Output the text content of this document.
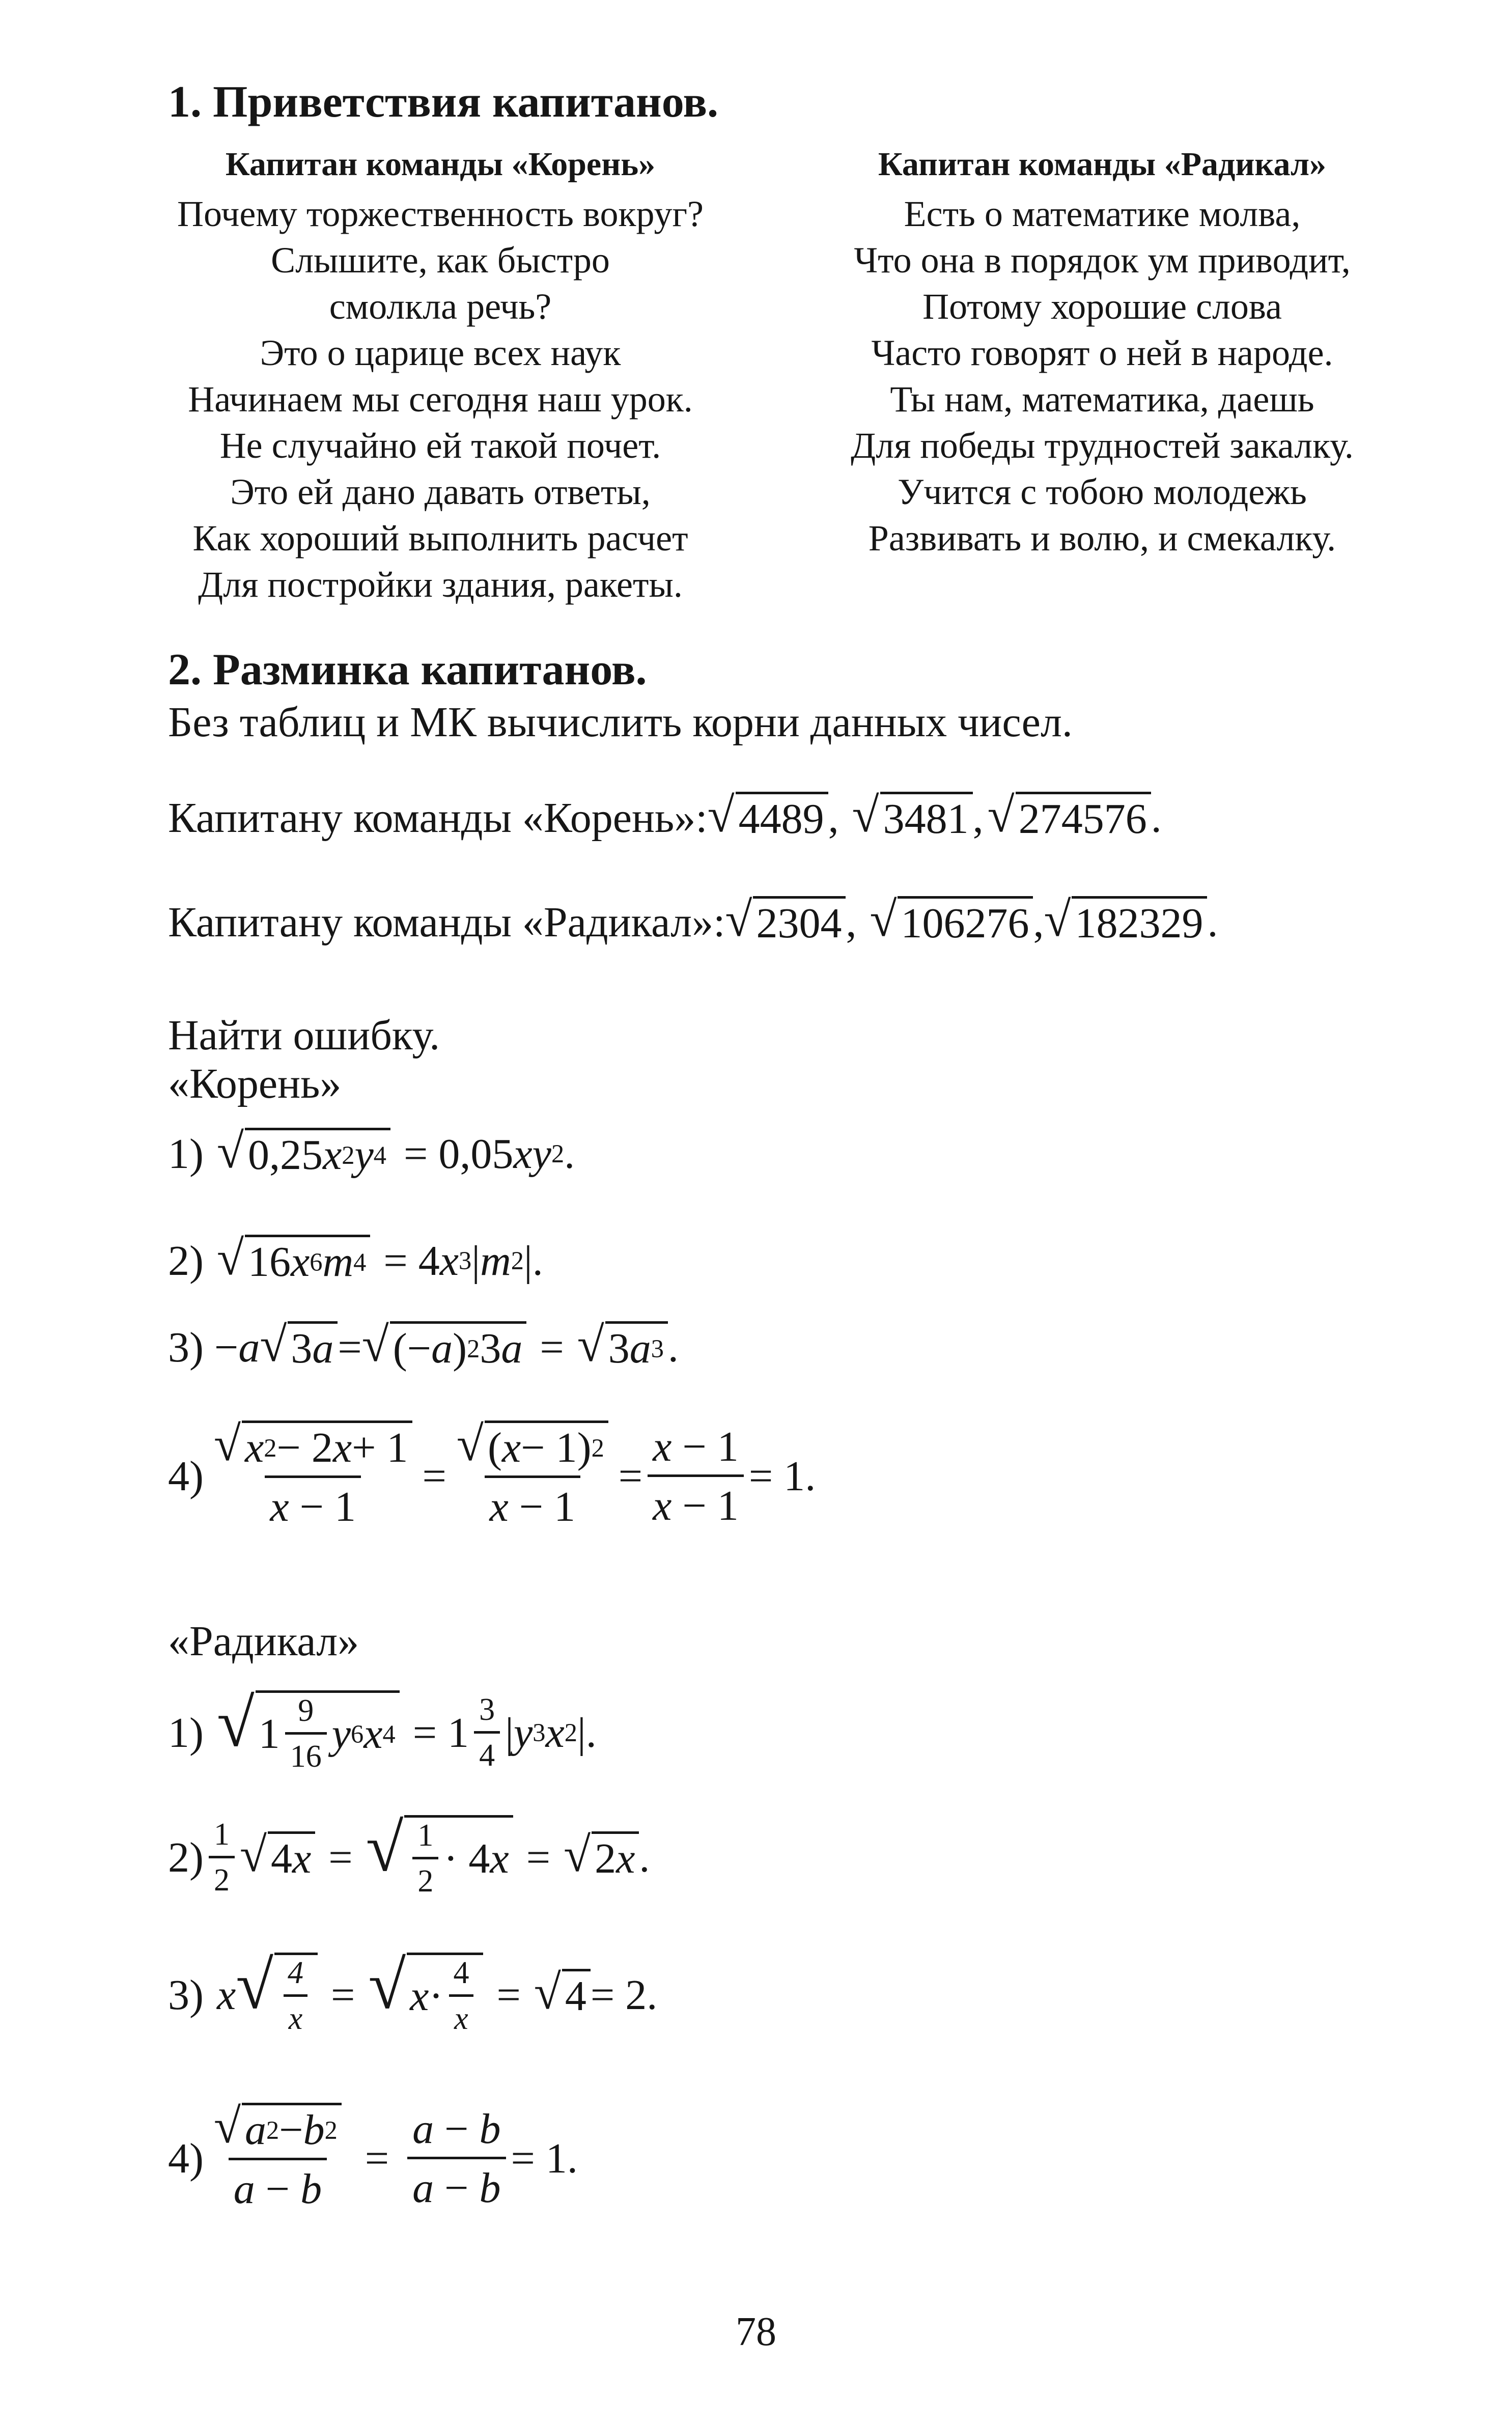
1. Приветствия капитанов.
Капитан команды «Корень»	Капитан команды «Радикал»
Почему торжественность вокруг?
Слышите, как быстро
смолкла речь?
Это о царице всех наук
Начинаем мы сегодня наш урок.
Не случайно ей такой почет.
Это ей дано давать ответы,
Как хороший выполнить расчет
Для постройки здания, ракеты.
Есть о математике молва,
Что она в порядок ум приводит,
Потому хорошие слова
Часто говорят о ней в народе.
Ты нам, математика, даешь
Для победы трудностей закалку.
Учится с тобою молодежь
Развивать и волю, и смекалку.
2. Разминка капитанов.
Без таблиц и МК вычислить корни данных чисел.
Капитану команды «Корень»: √ 4489 , √ 3481 , √ 274576 .
Капитану команды «Радикал»: √ 2304 , √ 106276 , √ 182329 .
Найти ошибку.
«Корень»
1) √ 0,25 x 2 y 4 = 0,05 xy 2 .
2) √ 16 x 6 m 4 = 4 x 3 | m 2 |.
3) − a √ 3 a = √ (− a ) 2 3 a = √ 3 a 3 .
$4) \frac{√ x 2 - 2 x + 1}{x - 1} = \frac{√ ( x - 1) 2}{x - 1} = \frac{x - 1}{x - 1} = 1$.
«Радикал»
1) √ $1 \frac{9}{16}$ y 6 x $4 = 1 \frac{3}{4}$ | y 3 x 2 |.
$2) \frac{1}{2}$ √ 4 x = √ $\frac{1}{2} \cdot 4$ x = √ 2 x .
3) x √ $\frac{4}{x}$ = √ $x \cdot \frac{4}{x}$ = √ 4 = 2.
$4) \frac{√ a 2 - b 2}{a - b} = \frac{a - b}{a - b} = 1$.
78
